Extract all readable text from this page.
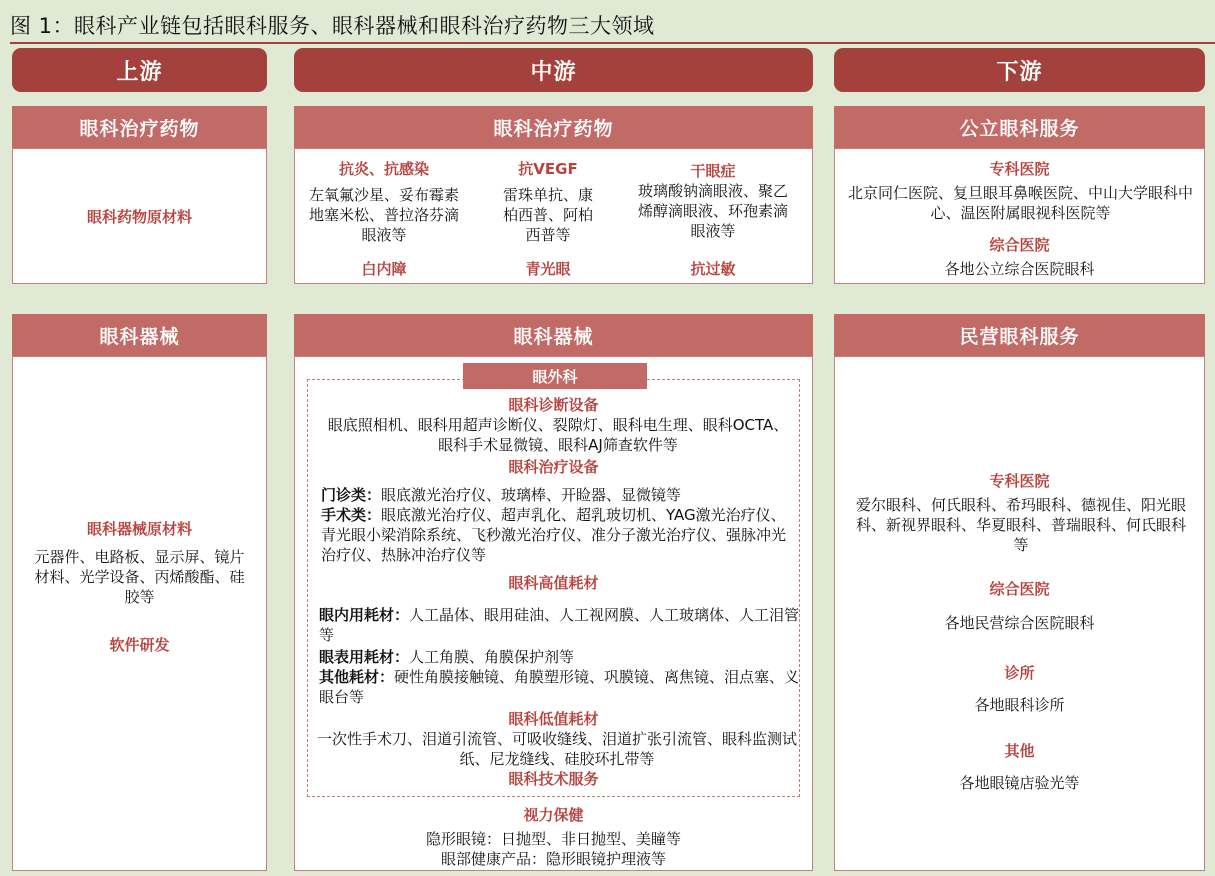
图 1：眼科产业链包括眼科服务、眼科器械和眼科治疗药物三大领域
上游	中游	下游
眼科治疗药物
眼科药物原材料
眼科器械
眼科器械原材料
元器件、电路板、显示屏、镜片材料、光学设备、丙烯酸酯、硅胶等
软件研发
眼科治疗药物
抗炎、抗感染
左氧氟沙星、妥布霉素地塞米松、普拉洛芬滴眼液等
抗VEGF
雷珠单抗、康柏西普、阿柏西普等
干眼症
玻璃酸钠滴眼液、聚乙烯醇滴眼液、环孢素滴眼液等
白内障	青光眼	抗过敏
眼科器械
眼外科
眼科诊断设备
眼底照相机、眼科用超声诊断仪、裂隙灯、眼科电生理、眼科OCTA、眼科手术显微镜、眼科AJ筛查软件等
眼科治疗设备
门诊类：眼底激光治疗仪、玻璃棒、开睑器、显微镜等
手术类：眼底激光治疗仪、超声乳化、超乳玻切机、YAG激光治疗仪、青光眼小梁消除系统、飞秒激光治疗仪、准分子激光治疗仪、强脉冲光治疗仪、热脉冲治疗仪等
眼科高值耗材
眼内用耗材：人工晶体、眼用硅油、人工视网膜、人工玻璃体、人工泪管等
眼表用耗材：人工角膜、角膜保护剂等
其他耗材：硬性角膜接触镜、角膜塑形镜、巩膜镜、离焦镜、泪点塞、义眼台等
眼科低值耗材
一次性手术刀、泪道引流管、可吸收缝线、泪道扩张引流管、眼科监测试纸、尼龙缝线、硅胶环扎带等
眼科技术服务
视力保健
隐形眼镜：日抛型、非日抛型、美瞳等
眼部健康产品：隐形眼镜护理液等
公立眼科服务
专科医院
北京同仁医院、复旦眼耳鼻喉医院、中山大学眼科中心、温医附属眼视科医院等
综合医院
各地公立综合医院眼科
民营眼科服务
专科医院
爱尔眼科、何氏眼科、希玛眼科、德视佳、阳光眼科、新视界眼科、华夏眼科、普瑞眼科、何氏眼科等
综合医院
各地民营综合医院眼科
诊所
各地眼科诊所
其他
各地眼镜店验光等
